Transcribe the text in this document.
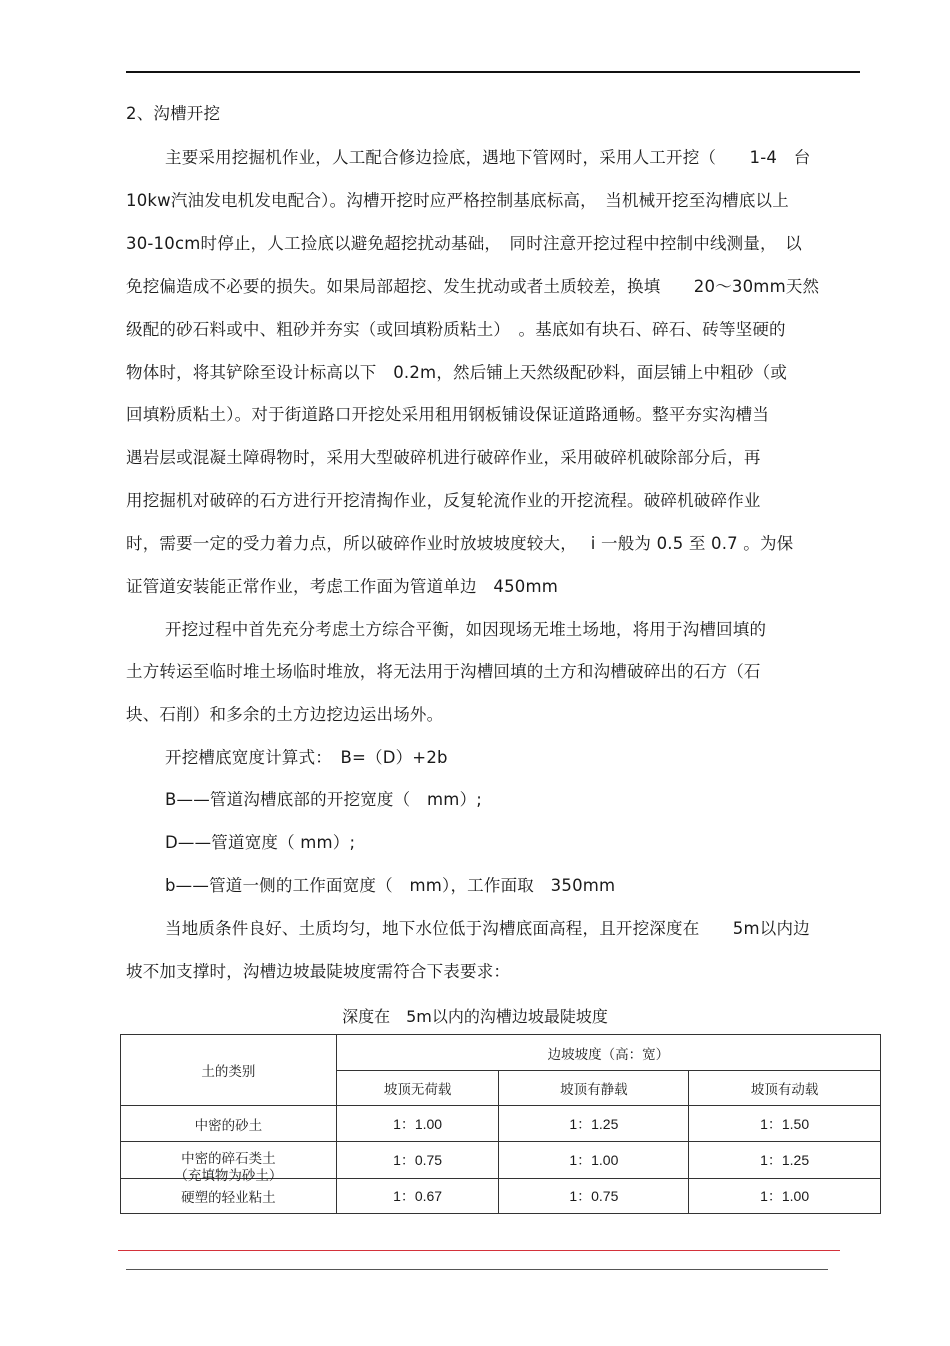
2、沟槽开挖
主要采用挖掘机作业，人工配合修边捡底，遇地下管网时，采用人工开挖（　　1-4　台
10kw汽油发电机发电配合）。沟槽开挖时应严格控制基底标高，　当机械开挖至沟槽底以上
30-10cm时停止，人工捡底以避免超挖扰动基础，　同时注意开挖过程中控制中线测量，　以
免挖偏造成不必要的损失。如果局部超挖、发生扰动或者土质较差，换填　　20～30mm天然
级配的砂石料或中、粗砂并夯实（或回填粉质粘土）　。基底如有块石、碎石、砖等坚硬的
物体时，将其铲除至设计标高以下　0.2m，然后铺上天然级配砂料，面层铺上中粗砂（或
回填粉质粘土）。对于街道路口开挖处采用租用钢板铺设保证道路通畅。整平夯实沟槽当
遇岩层或混凝土障碍物时，采用大型破碎机进行破碎作业，采用破碎机破除部分后，再
用挖掘机对破碎的石方进行开挖清掏作业，反复轮流作业的开挖流程。破碎机破碎作业
时，需要一定的受力着力点，所以破碎作业时放坡坡度较大，　 i 一般为 0.5 至 0.7 。为保
证管道安装能正常作业，考虑工作面为管道单边　450mm
开挖过程中首先充分考虑土方综合平衡，如因现场无堆土场地，将用于沟槽回填的
土方转运至临时堆土场临时堆放，将无法用于沟槽回填的土方和沟槽破碎出的石方（石
块、石削）和多余的土方边挖边运出场外。
开挖槽底宽度计算式：　B=（D）+2b
B——管道沟槽底部的开挖宽度（　mm）;
D——管道宽度（ mm）;
b——管道一侧的工作面宽度（　mm），工作面取　350mm
当地质条件良好、土质均匀，地下水位低于沟槽底面高程，且开挖深度在　　5m以内边
坡不加支撑时，沟槽边坡最陡坡度需符合下表要求：
深度在　5m以内的沟槽边坡最陡坡度
土的类别	边坡坡度（高：宽）		
	坡顶无荷载	坡顶有静载	坡顶有动载
中密的砂土	1：1.00	1：1.25	1：1.50

中密的碎石类土
（充填物为砂土）	1：0.75	1：1.00	1：1.25
硬塑的轻业粘土	1：0.67	1：0.75	1：1.00
